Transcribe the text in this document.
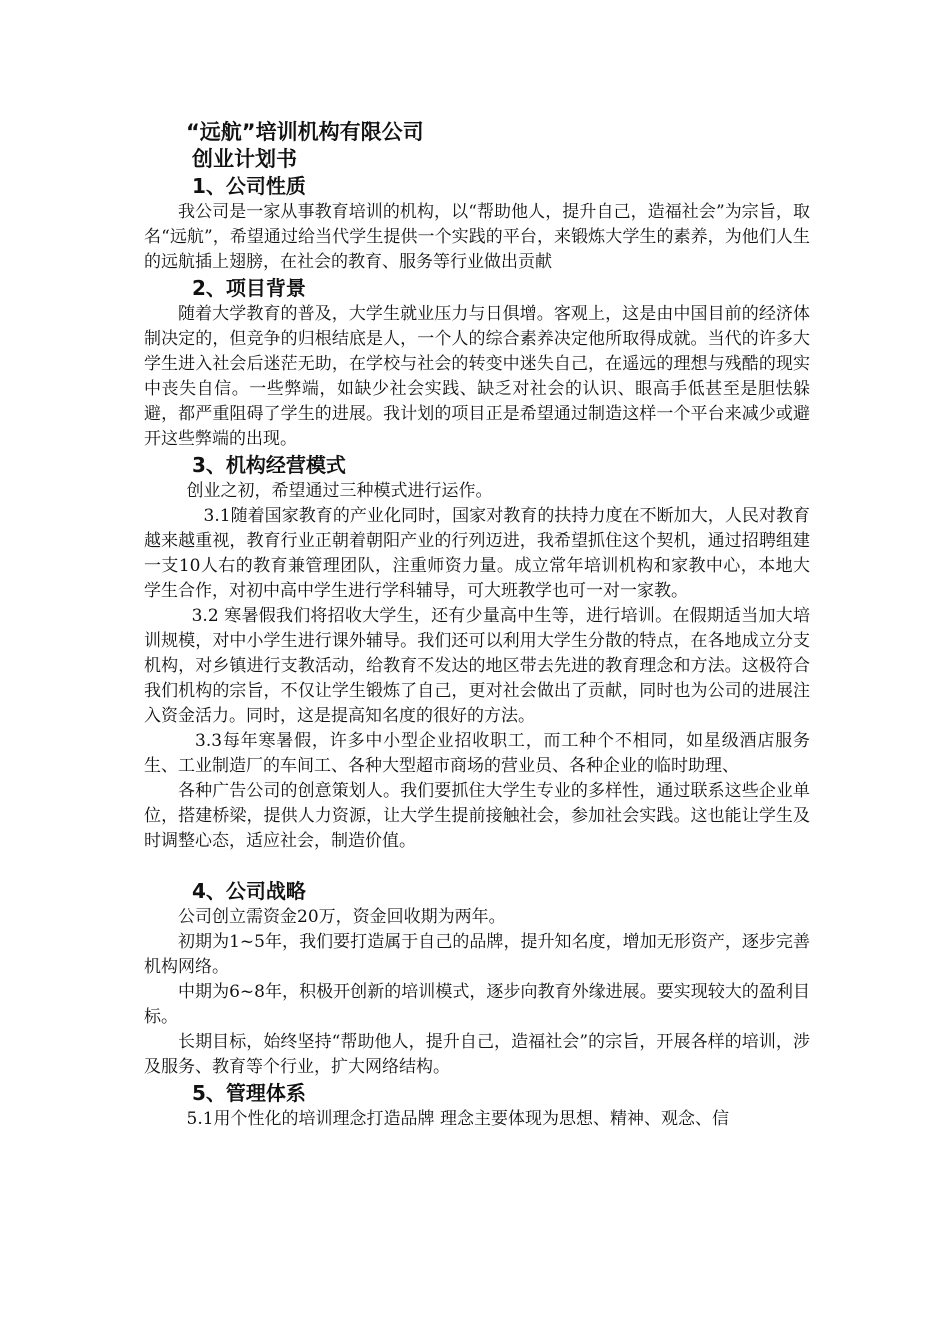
“远航”培训机构有限公司
创业计划书
1、公司性质

我公司是一家从事教育培训的机构，以“帮助他人，提升自己，造福社会”为宗旨，取名“远航”，希望通过给当代学生提供一个实践的平台，来锻炼大学生的素养，为他们人生的远航插上翅膀，在社会的教育、服务等行业做出贡献

2、项目背景

随着大学教育的普及，大学生就业压力与日俱增。客观上，这是由中国目前的经济体制决定的，但竞争的归根结底是人，一个人的综合素养决定他所取得成就。当代的许多大学生进入社会后迷茫无助，在学校与社会的转变中迷失自己，在遥远的理想与残酷的现实中丧失自信。一些弊端，如缺少社会实践、缺乏对社会的认识、眼高手低甚至是胆怯躲避，都严重阻碍了学生的进展。我计划的项目正是希望通过制造这样一个平台来减少或避开这些弊端的出现。

3、机构经营模式

创业之初，希望通过三种模式进行运作。

3.1随着国家教育的产业化同时，国家对教育的扶持力度在不断加大，人民对教育越来越重视，教育行业正朝着朝阳产业的行列迈进，我希望抓住这个契机，通过招聘组建一支10人右的教育兼管理团队，注重师资力量。成立常年培训机构和家教中心，本地大学生合作，对初中高中学生进行学科辅导，可大班教学也可一对一家教。

3.2 寒暑假我们将招收大学生，还有少量高中生等，进行培训。在假期适当加大培训规模，对中小学生进行课外辅导。我们还可以利用大学生分散的特点，在各地成立分支机构，对乡镇进行支教活动，给教育不发达的地区带去先进的教育理念和方法。这极符合我们机构的宗旨，不仅让学生锻炼了自己，更对社会做出了贡献，同时也为公司的进展注入资金活力。同时，这是提高知名度的很好的方法。

3.3每年寒暑假，许多中小型企业招收职工，而工种个不相同，如星级酒店服务生、工业制造厂的车间工、各种大型超市商场的营业员、各种企业的临时助理、

各种广告公司的创意策划人。我们要抓住大学生专业的多样性，通过联系这些企业单位，搭建桥梁，提供人力资源，让大学生提前接触社会，参加社会实践。这也能让学生及时调整心态，适应社会，制造价值。

4、公司战略

公司创立需资金20万，资金回收期为两年。

初期为1~5年，我们要打造属于自己的品牌，提升知名度，增加无形资产，逐步完善机构网络。

中期为6~8年，积极开创新的培训模式，逐步向教育外缘进展。要实现较大的盈利目标。

长期目标，始终坚持“帮助他人，提升自己，造福社会”的宗旨，开展各样的培训，涉及服务、教育等个行业，扩大网络结构。

5、管理体系

5.1用个性化的培训理念打造品牌 理念主要体现为思想、精神、观念、信
